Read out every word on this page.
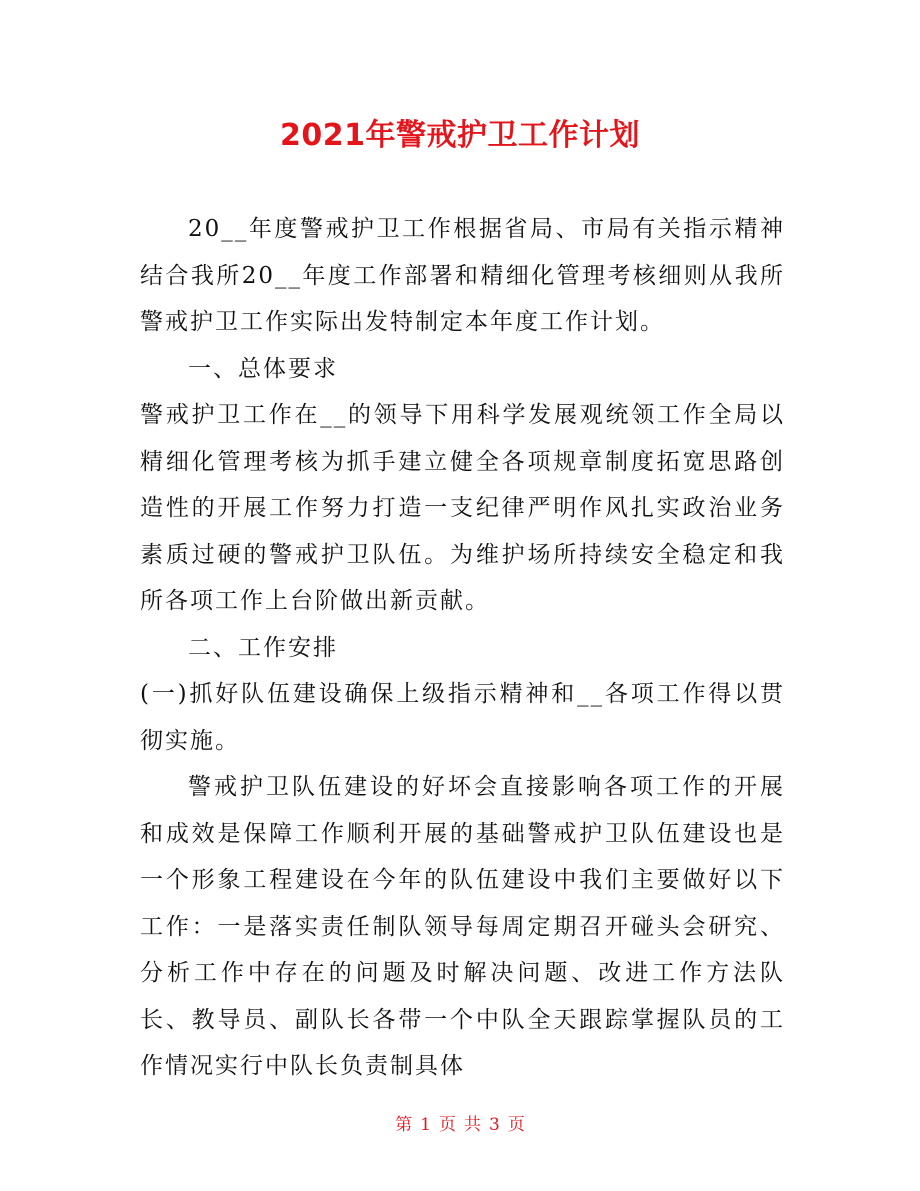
2021年警戒护卫工作计划

20__年度警戒护卫工作根据省局、市局有关指示精神结合我所20__年度工作部署和精细化管理考核细则从我所警戒护卫工作实际出发特制定本年度工作计划。

一、总体要求

警戒护卫工作在__的领导下用科学发展观统领工作全局以精细化管理考核为抓手建立健全各项规章制度拓宽思路创造性的开展工作努力打造一支纪律严明作风扎实政治业务素质过硬的警戒护卫队伍。为维护场所持续安全稳定和我所各项工作上台阶做出新贡献。

二、工作安排

(一)抓好队伍建设确保上级指示精神和__各项工作得以贯彻实施。

警戒护卫队伍建设的好坏会直接影响各项工作的开展和成效是保障工作顺利开展的基础警戒护卫队伍建设也是一个形象工程建设在今年的队伍建设中我们主要做好以下工作：一是落实责任制队领导每周定期召开碰头会研究、分析工作中存在的问题及时解决问题、改进工作方法队长、教导员、副队长各带一个中队全天跟踪掌握队员的工作情况实行中队长负责制具体

第 1 页 共 3 页
